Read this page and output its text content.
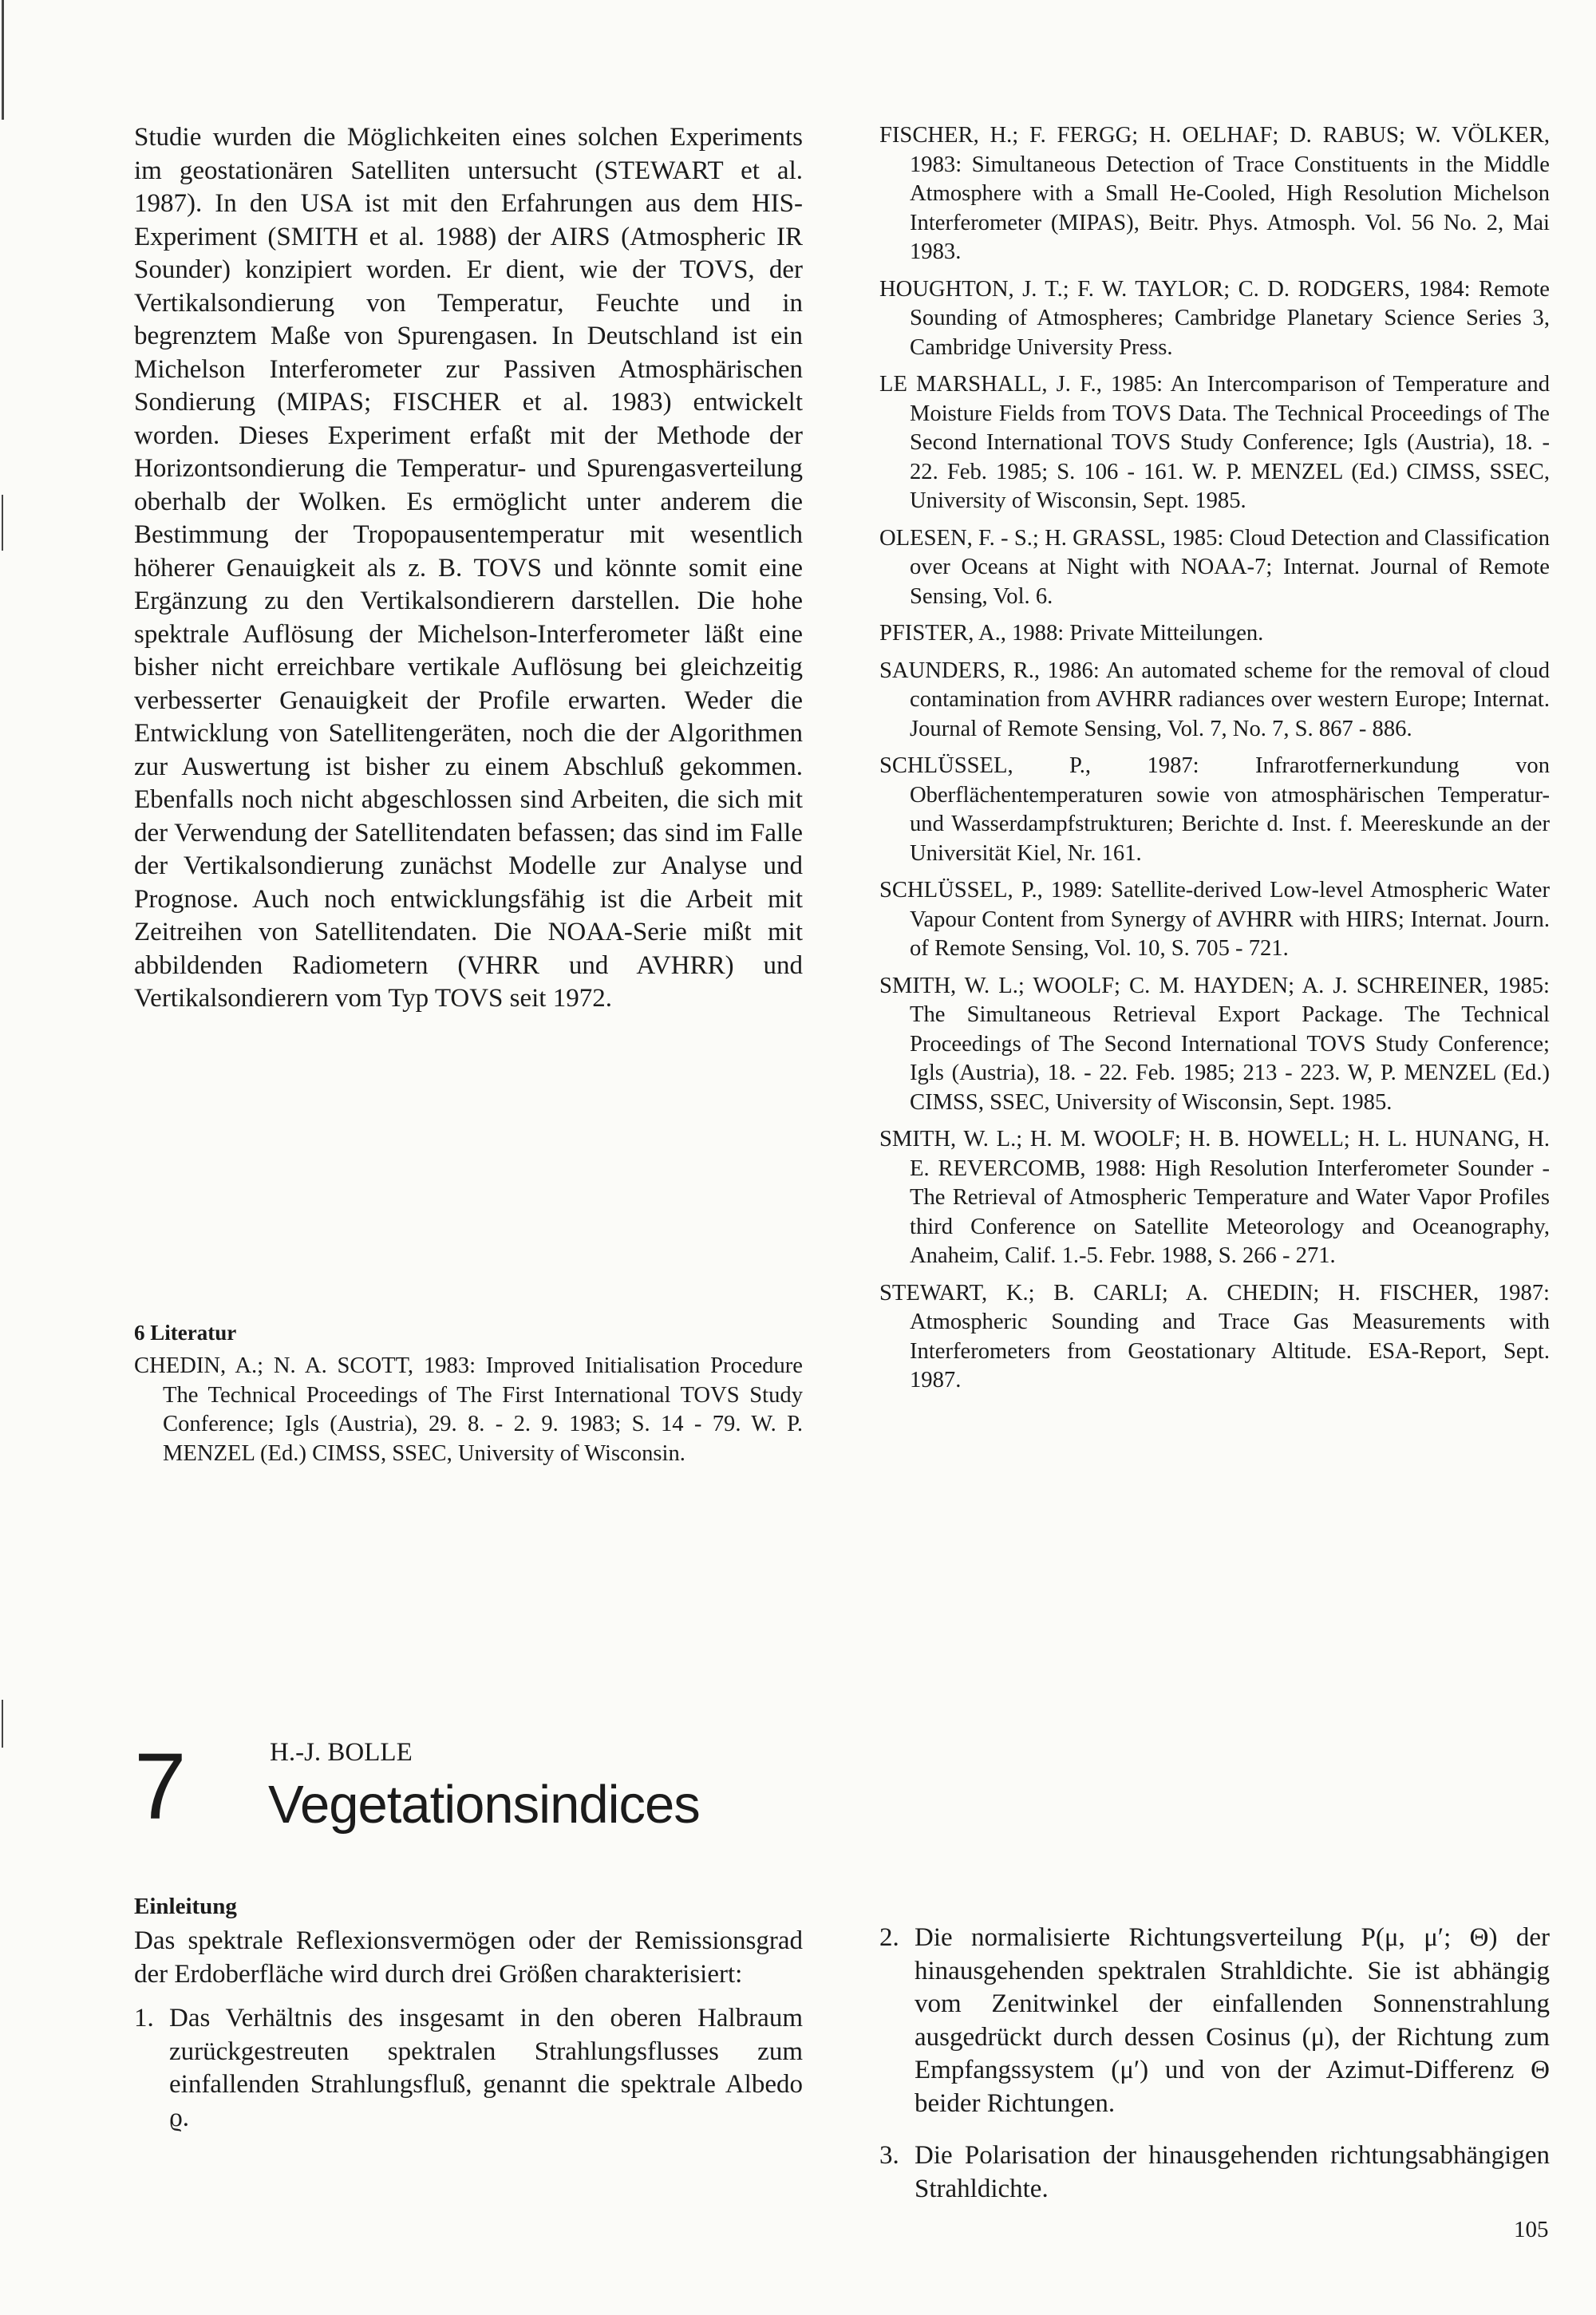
Studie wurden die Möglichkeiten eines solchen Experiments im geostationären Satelliten untersucht (STEWART et al. 1987). In den USA ist mit den Erfahrungen aus dem HIS-Experiment (SMITH et al. 1988) der AIRS (Atmospheric IR Sounder) konzipiert worden. Er dient, wie der TOVS, der Vertikalsondierung von Temperatur, Feuchte und in begrenztem Maße von Spurengasen. In Deutschland ist ein Michelson Interferometer zur Passiven Atmosphärischen Sondierung (MIPAS; FISCHER et al. 1983) entwickelt worden. Dieses Experiment erfaßt mit der Methode der Horizontsondierung die Temperatur- und Spurengasverteilung oberhalb der Wolken. Es ermöglicht unter anderem die Bestimmung der Tropopausentemperatur mit wesentlich höherer Genauigkeit als z. B. TOVS und könnte somit eine Ergänzung zu den Vertikalsondierern darstellen. Die hohe spektrale Auflösung der Michelson-Interferometer läßt eine bisher nicht erreichbare vertikale Auflösung bei gleichzeitig verbesserter Genauigkeit der Profile erwarten. Weder die Entwicklung von Satellitengeräten, noch die der Algorithmen zur Auswertung ist bisher zu einem Abschluß gekommen. Ebenfalls noch nicht abgeschlossen sind Arbeiten, die sich mit der Verwendung der Satellitendaten befassen; das sind im Falle der Vertikalsondierung zunächst Modelle zur Analyse und Prognose. Auch noch entwicklungsfähig ist die Arbeit mit Zeitreihen von Satellitendaten. Die NOAA-Serie mißt mit abbildenden Radiometern (VHRR und AVHRR) und Vertikalsondierern vom Typ TOVS seit 1972.

6 Literatur
CHEDIN, A.; N. A. SCOTT, 1983: Improved Initialisation Procedure The Technical Proceedings of The First International TOVS Study Conference; Igls (Austria), 29. 8. - 2. 9. 1983; S. 14 - 79. W. P. MENZEL (Ed.) CIMSS, SSEC, University of Wisconsin.
FISCHER, H.; F. FERGG; H. OELHAF; D. RABUS; W. VÖLKER, 1983: Simultaneous Detection of Trace Constituents in the Middle Atmosphere with a Small He-Cooled, High Resolution Michelson Interferometer (MIPAS), Beitr. Phys. Atmosph. Vol. 56 No. 2, Mai 1983.
HOUGHTON, J. T.; F. W. TAYLOR; C. D. RODGERS, 1984: Remote Sounding of Atmospheres; Cambridge Planetary Science Series 3, Cambridge University Press.
LE MARSHALL, J. F., 1985: An Intercomparison of Temperature and Moisture Fields from TOVS Data. The Technical Proceedings of The Second International TOVS Study Conference; Igls (Austria), 18. - 22. Feb. 1985; S. 106 - 161. W. P. MENZEL (Ed.) CIMSS, SSEC, University of Wisconsin, Sept. 1985.
OLESEN, F. - S.; H. GRASSL, 1985: Cloud Detection and Classification over Oceans at Night with NOAA-7; Internat. Journal of Remote Sensing, Vol. 6.
PFISTER, A., 1988: Private Mitteilungen.
SAUNDERS, R., 1986: An automated scheme for the removal of cloud contamination from AVHRR radiances over western Europe; Internat. Journal of Remote Sensing, Vol. 7, No. 7, S. 867 - 886.
SCHLÜSSEL, P., 1987: Infrarotfernerkundung von Oberflächentemperaturen sowie von atmosphärischen Temperatur- und Wasserdampfstrukturen; Berichte d. Inst. f. Meereskunde an der Universität Kiel, Nr. 161.
SCHLÜSSEL, P., 1989: Satellite-derived Low-level Atmospheric Water Vapour Content from Synergy of AVHRR with HIRS; Internat. Journ. of Remote Sensing, Vol. 10, S. 705 - 721.
SMITH, W. L.; WOOLF; C. M. HAYDEN; A. J. SCHREINER, 1985: The Simultaneous Retrieval Export Package. The Technical Proceedings of The Second International TOVS Study Conference; Igls (Austria), 18. - 22. Feb. 1985; 213 - 223. W, P. MENZEL (Ed.) CIMSS, SSEC, University of Wisconsin, Sept. 1985.
SMITH, W. L.; H. M. WOOLF; H. B. HOWELL; H. L. HUNANG, H. E. REVERCOMB, 1988: High Resolution Interferometer Sounder - The Retrieval of Atmospheric Temperature and Water Vapor Profiles third Conference on Satellite Meteorology and Oceanography, Anaheim, Calif. 1.-5. Febr. 1988, S. 266 - 271.
STEWART, K.; B. CARLI; A. CHEDIN; H. FISCHER, 1987: Atmospheric Sounding and Trace Gas Measurements with Interferometers from Geostationary Altitude. ESA-Report, Sept. 1987.
7	H.-J. BOLLE
Vegetationsindices
Einleitung

Das spektrale Reflexionsvermögen oder der Remissionsgrad der Erdoberfläche wird durch drei Größen charakterisiert:

1. Das Verhältnis des insgesamt in den oberen Halbraum zurückgestreuten spektralen Strahlungsflusses zum einfallenden Strahlungsfluß, genannt die spektrale Albedo ϱ.
2. Die normalisierte Richtungsverteilung P(μ, μ′; Θ) der hinausgehenden spektralen Strahldichte. Sie ist abhängig vom Zenitwinkel der einfallenden Sonnenstrahlung ausgedrückt durch dessen Cosinus (μ), der Richtung zum Empfangssystem (μ′) und von der Azimut-Differenz Θ beider Richtungen.
3. Die Polarisation der hinausgehenden richtungsabhängigen Strahldichte.
105
